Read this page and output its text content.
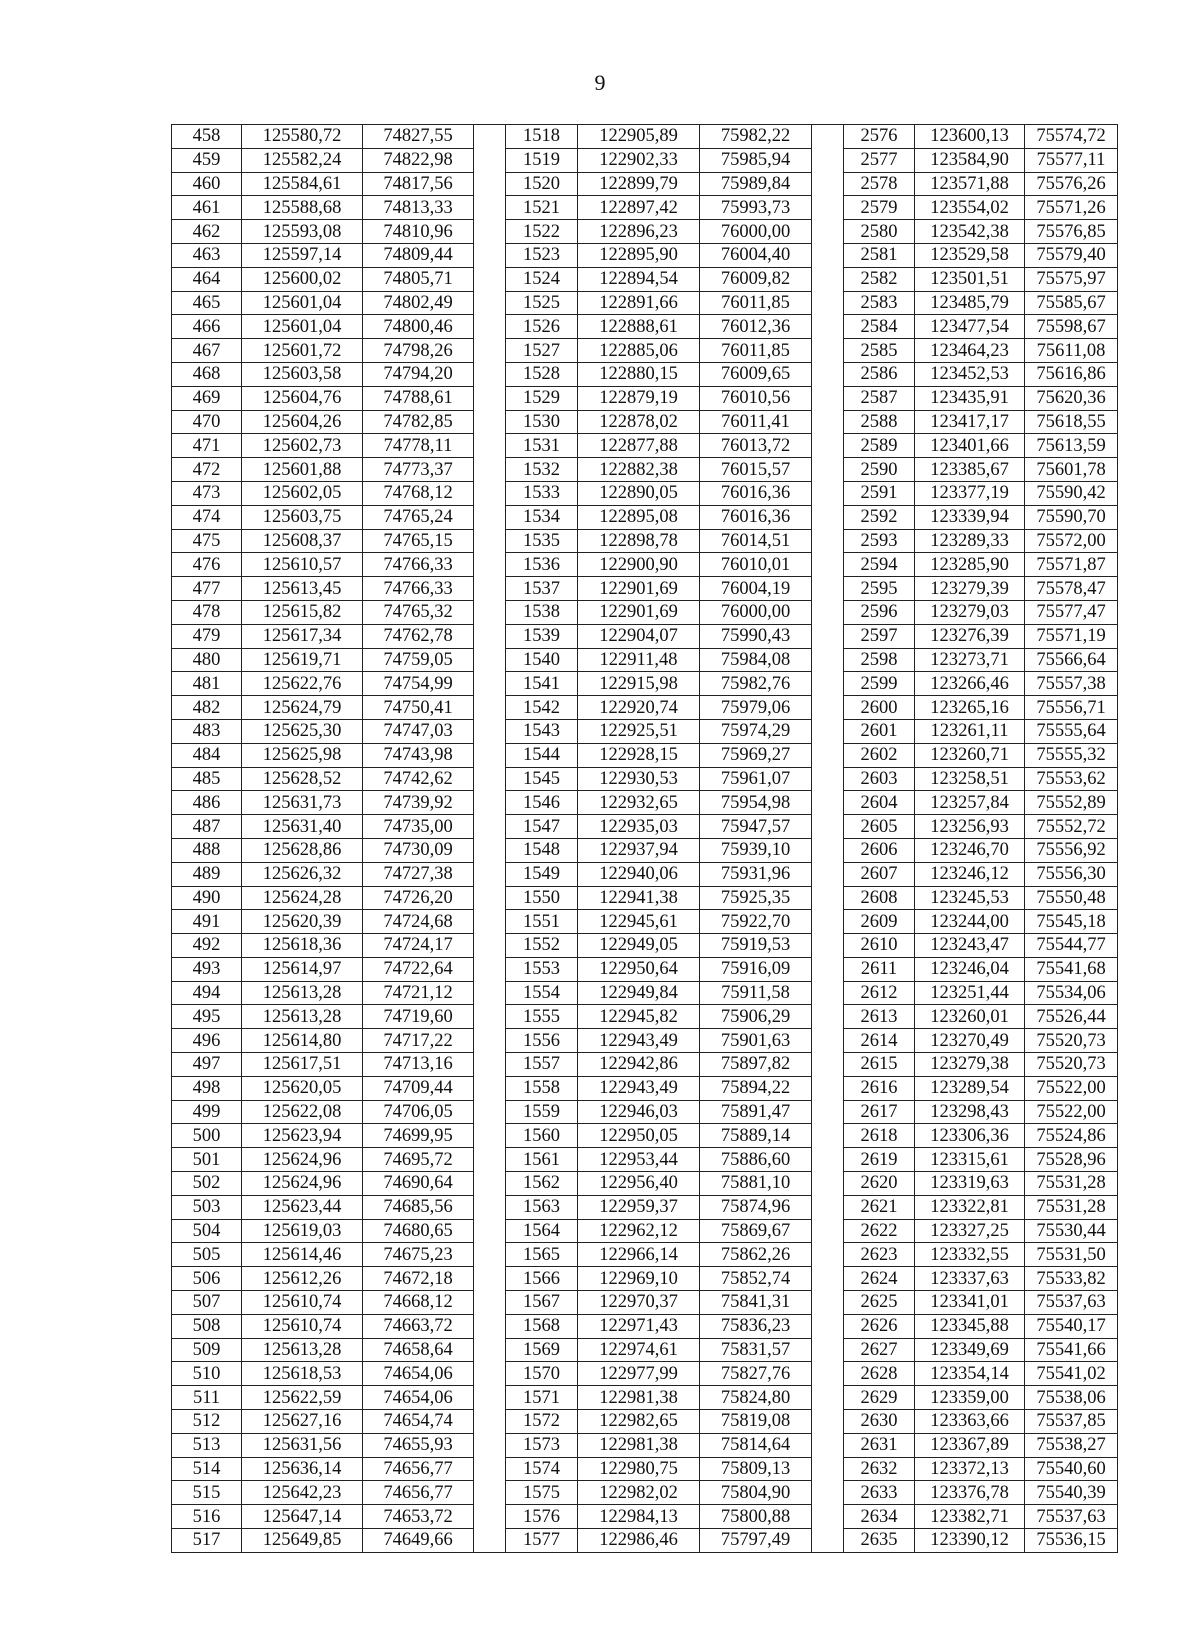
9
458	125580,72	74827,55		1518	122905,89	75982,22		2576	123600,13	75574,72
459	125582,24	74822,98		1519	122902,33	75985,94		2577	123584,90	75577,11
460	125584,61	74817,56		1520	122899,79	75989,84		2578	123571,88	75576,26
461	125588,68	74813,33		1521	122897,42	75993,73		2579	123554,02	75571,26
462	125593,08	74810,96		1522	122896,23	76000,00		2580	123542,38	75576,85
463	125597,14	74809,44		1523	122895,90	76004,40		2581	123529,58	75579,40
464	125600,02	74805,71		1524	122894,54	76009,82		2582	123501,51	75575,97
465	125601,04	74802,49		1525	122891,66	76011,85		2583	123485,79	75585,67
466	125601,04	74800,46		1526	122888,61	76012,36		2584	123477,54	75598,67
467	125601,72	74798,26		1527	122885,06	76011,85		2585	123464,23	75611,08
468	125603,58	74794,20		1528	122880,15	76009,65		2586	123452,53	75616,86
469	125604,76	74788,61		1529	122879,19	76010,56		2587	123435,91	75620,36
470	125604,26	74782,85		1530	122878,02	76011,41		2588	123417,17	75618,55
471	125602,73	74778,11		1531	122877,88	76013,72		2589	123401,66	75613,59
472	125601,88	74773,37		1532	122882,38	76015,57		2590	123385,67	75601,78
473	125602,05	74768,12		1533	122890,05	76016,36		2591	123377,19	75590,42
474	125603,75	74765,24		1534	122895,08	76016,36		2592	123339,94	75590,70
475	125608,37	74765,15		1535	122898,78	76014,51		2593	123289,33	75572,00
476	125610,57	74766,33		1536	122900,90	76010,01		2594	123285,90	75571,87
477	125613,45	74766,33		1537	122901,69	76004,19		2595	123279,39	75578,47
478	125615,82	74765,32		1538	122901,69	76000,00		2596	123279,03	75577,47
479	125617,34	74762,78		1539	122904,07	75990,43		2597	123276,39	75571,19
480	125619,71	74759,05		1540	122911,48	75984,08		2598	123273,71	75566,64
481	125622,76	74754,99		1541	122915,98	75982,76		2599	123266,46	75557,38
482	125624,79	74750,41		1542	122920,74	75979,06		2600	123265,16	75556,71
483	125625,30	74747,03		1543	122925,51	75974,29		2601	123261,11	75555,64
484	125625,98	74743,98		1544	122928,15	75969,27		2602	123260,71	75555,32
485	125628,52	74742,62		1545	122930,53	75961,07		2603	123258,51	75553,62
486	125631,73	74739,92		1546	122932,65	75954,98		2604	123257,84	75552,89
487	125631,40	74735,00		1547	122935,03	75947,57		2605	123256,93	75552,72
488	125628,86	74730,09		1548	122937,94	75939,10		2606	123246,70	75556,92
489	125626,32	74727,38		1549	122940,06	75931,96		2607	123246,12	75556,30
490	125624,28	74726,20		1550	122941,38	75925,35		2608	123245,53	75550,48
491	125620,39	74724,68		1551	122945,61	75922,70		2609	123244,00	75545,18
492	125618,36	74724,17		1552	122949,05	75919,53		2610	123243,47	75544,77
493	125614,97	74722,64		1553	122950,64	75916,09		2611	123246,04	75541,68
494	125613,28	74721,12		1554	122949,84	75911,58		2612	123251,44	75534,06
495	125613,28	74719,60		1555	122945,82	75906,29		2613	123260,01	75526,44
496	125614,80	74717,22		1556	122943,49	75901,63		2614	123270,49	75520,73
497	125617,51	74713,16		1557	122942,86	75897,82		2615	123279,38	75520,73
498	125620,05	74709,44		1558	122943,49	75894,22		2616	123289,54	75522,00
499	125622,08	74706,05		1559	122946,03	75891,47		2617	123298,43	75522,00
500	125623,94	74699,95		1560	122950,05	75889,14		2618	123306,36	75524,86
501	125624,96	74695,72		1561	122953,44	75886,60		2619	123315,61	75528,96
502	125624,96	74690,64		1562	122956,40	75881,10		2620	123319,63	75531,28
503	125623,44	74685,56		1563	122959,37	75874,96		2621	123322,81	75531,28
504	125619,03	74680,65		1564	122962,12	75869,67		2622	123327,25	75530,44
505	125614,46	74675,23		1565	122966,14	75862,26		2623	123332,55	75531,50
506	125612,26	74672,18		1566	122969,10	75852,74		2624	123337,63	75533,82
507	125610,74	74668,12		1567	122970,37	75841,31		2625	123341,01	75537,63
508	125610,74	74663,72		1568	122971,43	75836,23		2626	123345,88	75540,17
509	125613,28	74658,64		1569	122974,61	75831,57		2627	123349,69	75541,66
510	125618,53	74654,06		1570	122977,99	75827,76		2628	123354,14	75541,02
511	125622,59	74654,06		1571	122981,38	75824,80		2629	123359,00	75538,06
512	125627,16	74654,74		1572	122982,65	75819,08		2630	123363,66	75537,85
513	125631,56	74655,93		1573	122981,38	75814,64		2631	123367,89	75538,27
514	125636,14	74656,77		1574	122980,75	75809,13		2632	123372,13	75540,60
515	125642,23	74656,77		1575	122982,02	75804,90		2633	123376,78	75540,39
516	125647,14	74653,72		1576	122984,13	75800,88		2634	123382,71	75537,63
517	125649,85	74649,66		1577	122986,46	75797,49		2635	123390,12	75536,15
